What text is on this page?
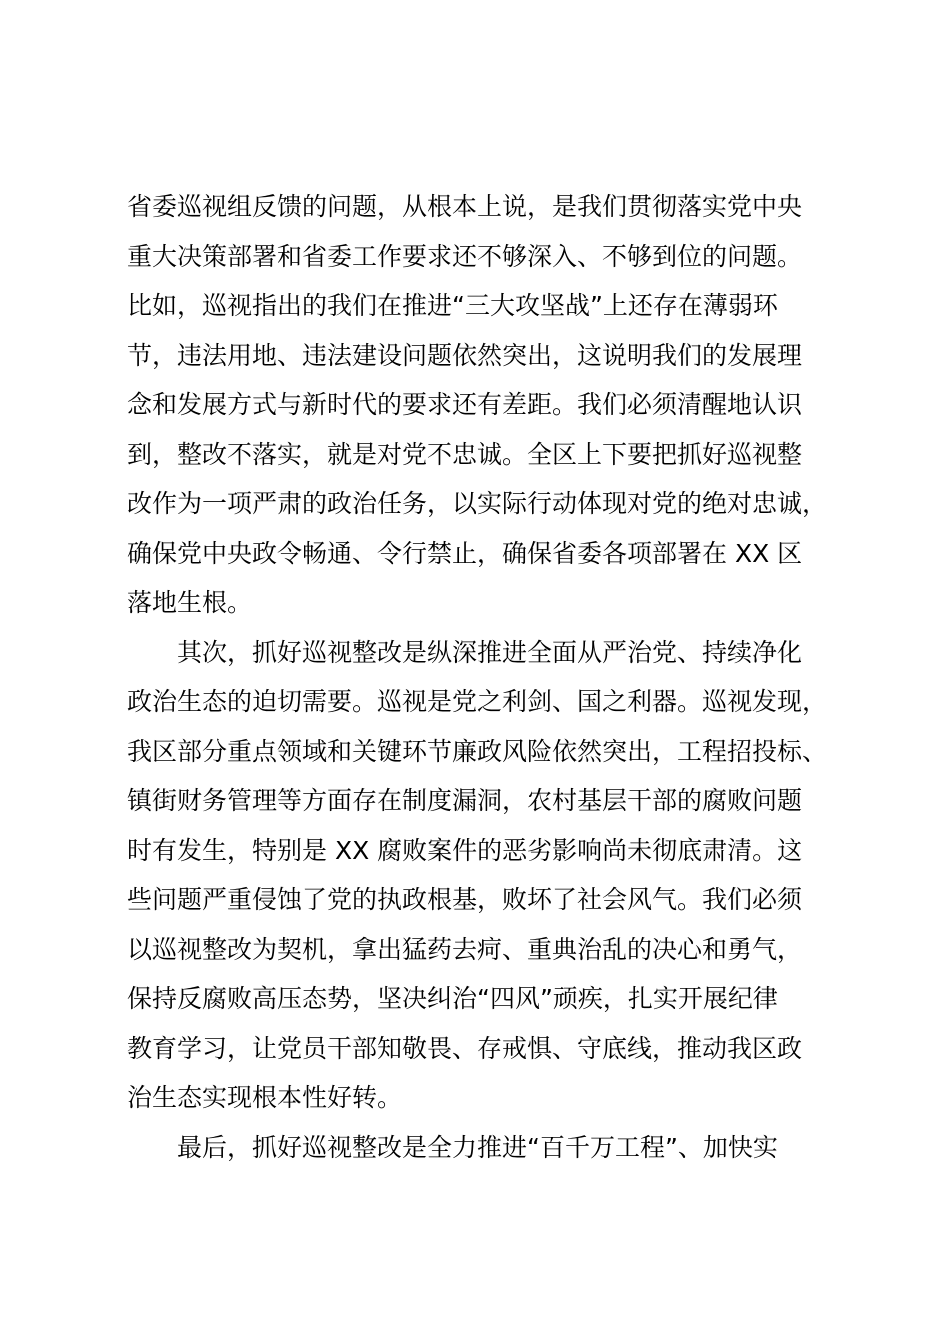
省委巡视组反馈的问题，从根本上说，是我们贯彻落实党中央
重大决策部署和省委工作要求还不够深入、不够到位的问题。
比如，巡视指出的我们在推进“三大攻坚战”上还存在薄弱环
节，违法用地、违法建设问题依然突出，这说明我们的发展理
念和发展方式与新时代的要求还有差距。我们必须清醒地认识
到，整改不落实，就是对党不忠诚。全区上下要把抓好巡视整
改作为一项严肃的政治任务，以实际行动体现对党的绝对忠诚，
确保党中央政令畅通、令行禁止，确保省委各项部署在 XX 区
落地生根。
其次，抓好巡视整改是纵深推进全面从严治党、持续净化
政治生态的迫切需要。巡视是党之利剑、国之利器。巡视发现，
我区部分重点领域和关键环节廉政风险依然突出，工程招投标、
镇街财务管理等方面存在制度漏洞，农村基层干部的腐败问题
时有发生，特别是 XX 腐败案件的恶劣影响尚未彻底肃清。这
些问题严重侵蚀了党的执政根基，败坏了社会风气。我们必须
以巡视整改为契机，拿出猛药去疴、重典治乱的决心和勇气，
保持反腐败高压态势，坚决纠治“四风”顽疾，扎实开展纪律
教育学习，让党员干部知敬畏、存戒惧、守底线，推动我区政
治生态实现根本性好转。
最后，抓好巡视整改是全力推进“百千万工程”、加快实
